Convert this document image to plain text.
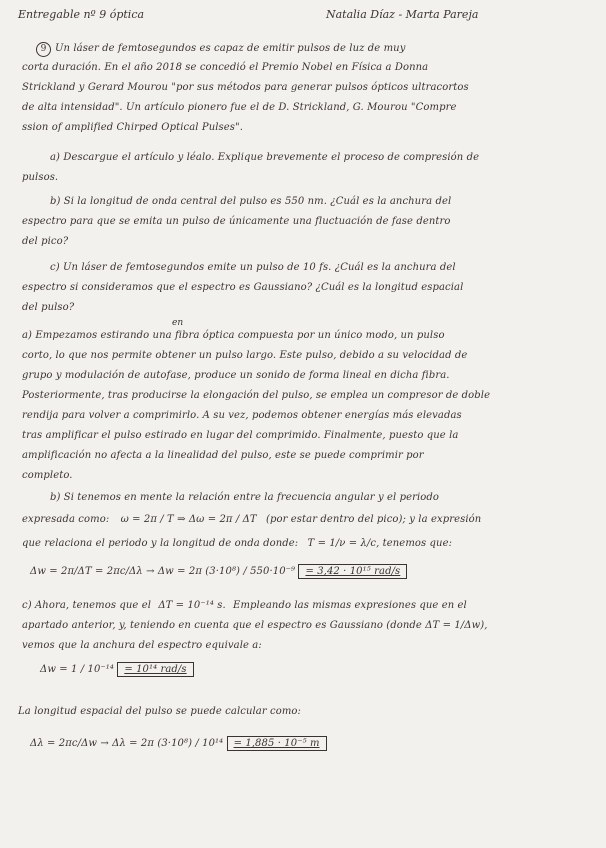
Entregable nº 9 óptica	Natalia Díaz - Marta Pareja
9 Un láser de femtosegundos es capaz de emitir pulsos de luz de muy
corta duración. En el año 2018 se concedió el Premio Nobel en Física a Donna
Strickland y Gerard Mourou "por sus métodos para generar pulsos ópticos ultracortos
de alta intensidad". Un artículo pionero fue el de D. Strickland, G. Mourou "Compre
ssion of amplified Chirped Optical Pulses".
a) Descargue el artículo y léalo. Explique brevemente el proceso de compresión de
pulsos.
b) Si la longitud de onda central del pulso es 550 nm. ¿Cuál es la anchura del
espectro para que se emita un pulso de únicamente una fluctuación de fase dentro
del pico?
c) Un láser de femtosegundos emite un pulso de 10 fs. ¿Cuál es la anchura del
espectro si consideramos que el espectro es Gaussiano? ¿Cuál es la longitud espacial
del pulso?
en
a) Empezamos estirando una fibra óptica compuesta por un único modo, un pulso
corto, lo que nos permite obtener un pulso largo. Este pulso, debido a su velocidad de
grupo y modulación de autofase, produce un sonido de forma lineal en dicha fibra.
Posteriormente, tras producirse la elongación del pulso, se emplea un compresor de doble
rendija para volver a comprimirlo. A su vez, podemos obtener energías más elevadas
tras amplificar el pulso estirado en lugar del comprimido. Finalmente, puesto que la
amplificación no afecta a la linealidad del pulso, este se puede comprimir por
completo.
b) Si tenemos en mente la relación entre la frecuencia angular y el periodo
expresada como: ω = 2π / T ⇒ Δω = 2π / ΔT (por estar dentro del pico); y la expresión
que relaciona el periodo y la longitud de onda donde: T = 1/ν = λ/c, tenemos que:
Δw = 2π/ΔT = 2πc/Δλ → Δw = 2π (3·10⁸) / 550·10⁻⁹ = 3,42 · 10¹⁵ rad/s
c) Ahora, tenemos que el ΔT = 10⁻¹⁴ s. Empleando las mismas expresiones que en el
apartado anterior, y, teniendo en cuenta que el espectro es Gaussiano (donde ΔT = 1/Δw),
vemos que la anchura del espectro equivale a:
Δw = 1 / 10⁻¹⁴ = 10¹⁴ rad/s
La longitud espacial del pulso se puede calcular como:
Δλ = 2πc/Δw → Δλ = 2π (3·10⁸) / 10¹⁴ = 1,885 · 10⁻⁵ m
